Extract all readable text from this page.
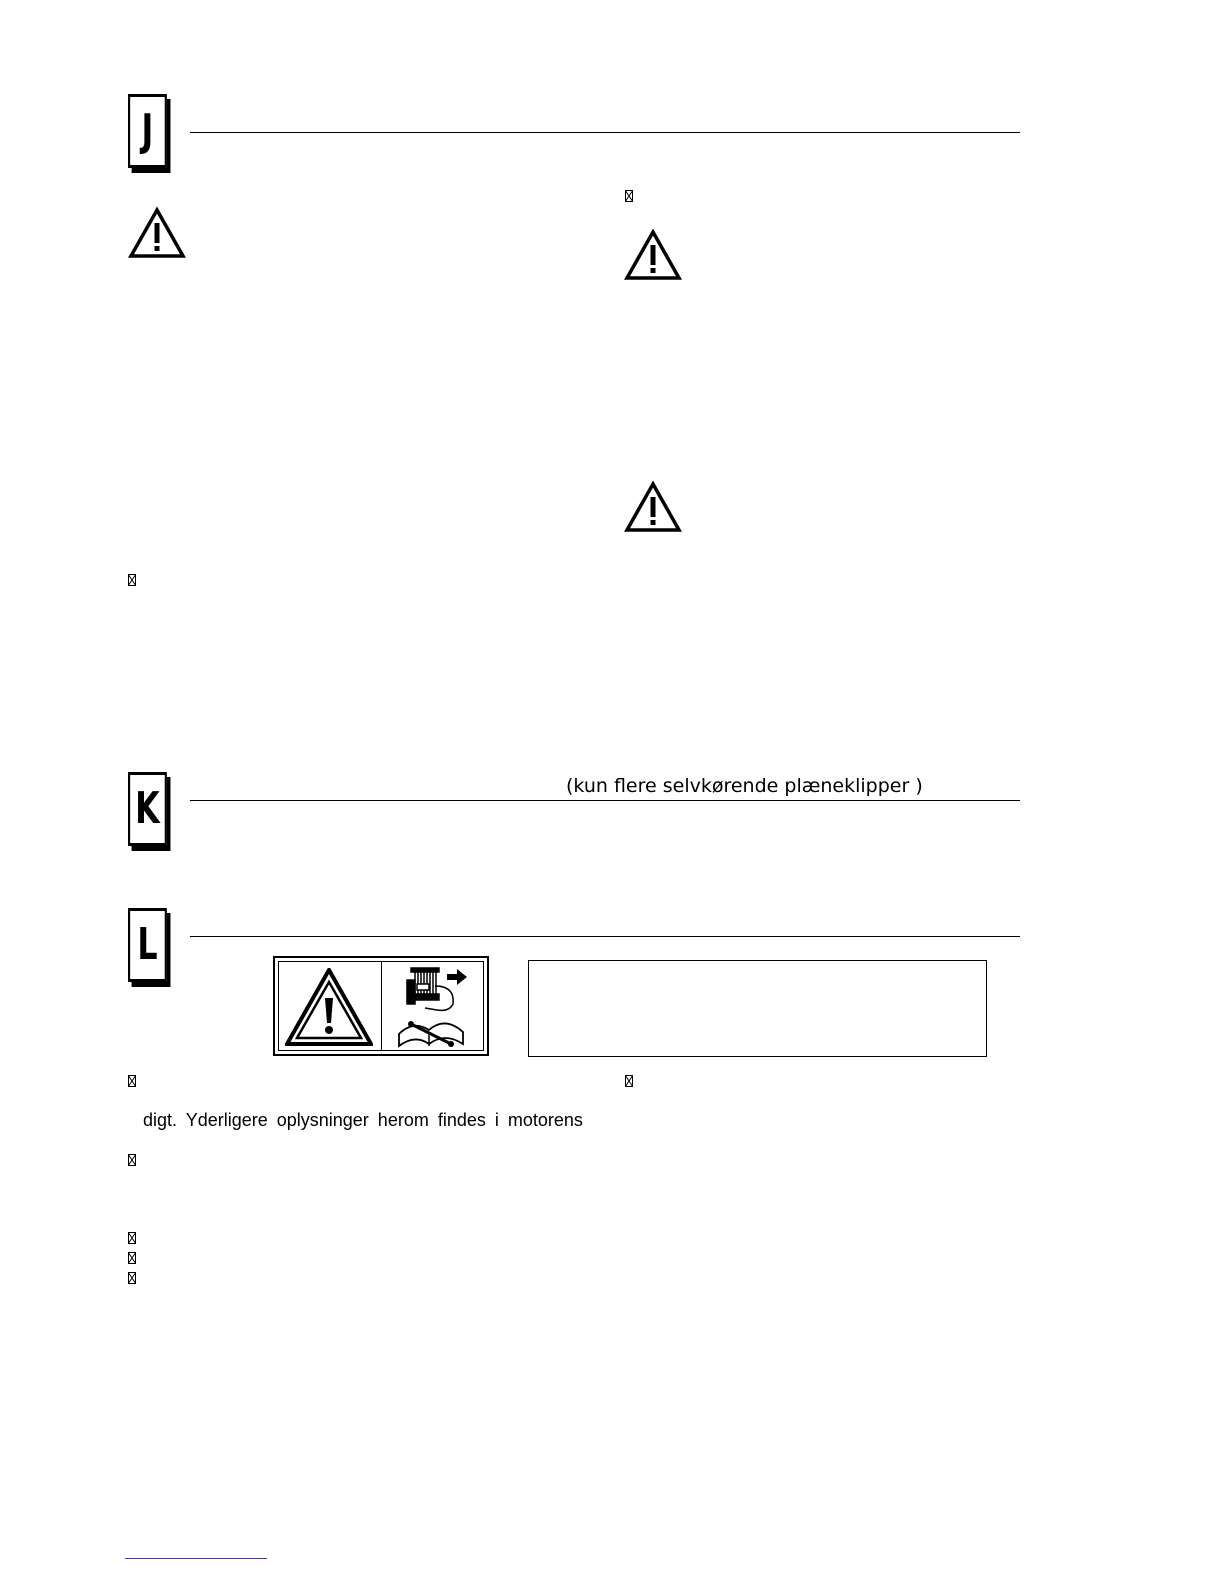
J
K	(kun flere selvkørende plæneklipper )
L
digt. Yderligere oplysninger herom findes i motorens
